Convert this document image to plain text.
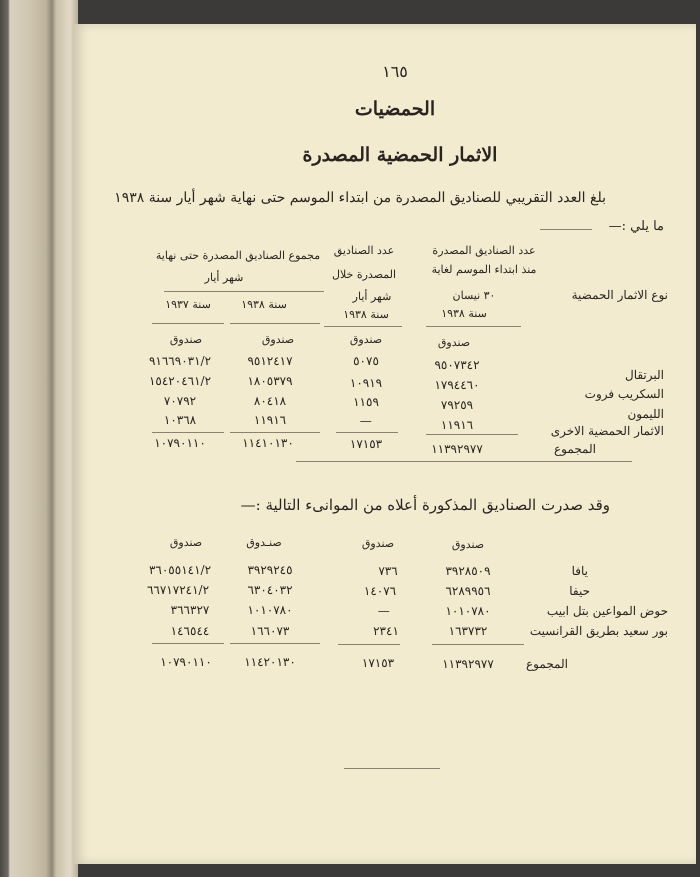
١٦٥
الحمضيات
الاثمار الحمضية المصدرة
بلغ العدد التقريبي للصناديق المصدرة من ابتداء الموسم حتى نهاية شهر أيار سنة ١٩٣٨
ما يلي :—
نوع الاثمار الحمضية
عدد الصناديق المصدرة
منذ ابتداء الموسم لغاية
٣٠ نيسان
سنة ١٩٣٨
عدد الصناديق
المصدرة خلال
شهر أيار
سنة ١٩٣٨
مجموع الصناديق المصدرة حتى نهاية
شهر أيار
سنة ١٩٣٨
سنة ١٩٣٧
صندوق
صندوق
صندوق
صندوق
البرتقال
٩٥٠٧٣٤٢
٥٠٧٥
٩٥١٢٤١٧
٩١٦٦٩٠٣١/٢
السكريب فروت
١٧٩٤٤٦٠
١٠٩١٩
١٨٠٥٣٧٩
١٥٤٢٠٤٦١/٢
الليمون
٧٩٢٥٩
١١٥٩
٨٠٤١٨
٧٠٧٩٢
الاثمار الحمضية الاخرى
١١٩١٦
—
١١٩١٦
١٠٣٦٨
المجموع
١١٣٩٢٩٧٧
١٧١٥٣
١١٤١٠١٣٠
١٠٧٩٠١١٠
وقد صدرت الصناديق المذكورة أعلاه من الموانىء التالية :—
صندوق
صندوق
صنـدوق
صندوق
يافا
٣٩٢٨٥٠٩
٧٣٦
٣٩٢٩٢٤٥
٣٦٠٥٥١٤١/٢
حيفا
٦٢٨٩٩٥٦
١٤٠٧٦
٦٣٠٤٠٣٢
٦٦٧١٧٢٤١/٢
حوض المواعين بتل ابيب
١٠١٠٧٨٠
—
١٠١٠٧٨٠
٣٦٦٣٢٧
بور سعيد بطريق القرانسيت
١٦٣٧٣٢
٢٣٤١
١٦٦٠٧٣
١٤٦٥٤٤
المجموع
١١٣٩٢٩٧٧
١٧١٥٣
١١٤٢٠١٣٠
١٠٧٩٠١١٠
